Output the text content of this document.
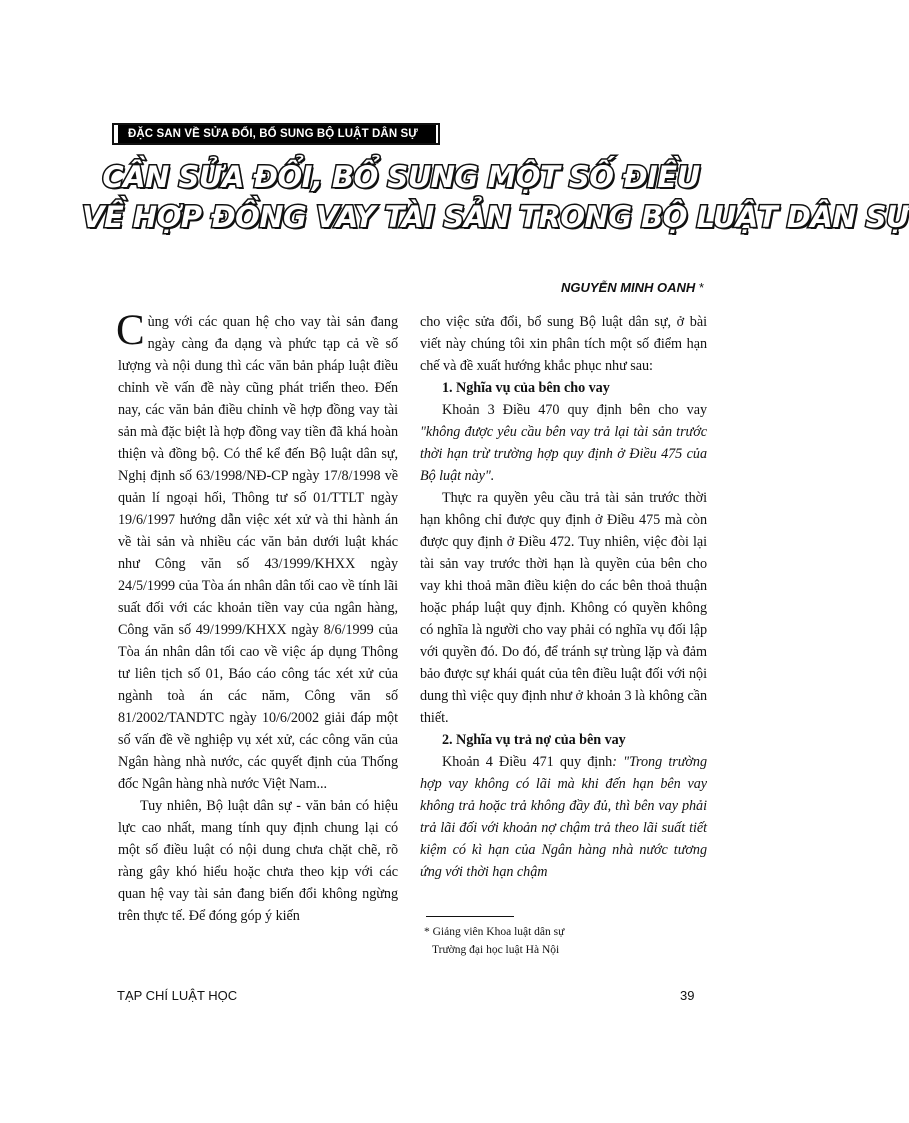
ĐẶC SAN VỀ SỬA ĐỔI, BỔ SUNG BỘ LUẬT DÂN SỰ
CẦN SỬA ĐỔI, BỔ SUNG MỘT SỐ ĐIỀU
VỀ HỢP ĐỒNG VAY TÀI SẢN TRONG BỘ LUẬT DÂN SỰ
NGUYỄN MINH OANH *

Cùng với các quan hệ cho vay tài sản đang ngày càng đa dạng và phức tạp cả về số lượng và nội dung thì các văn bản pháp luật điều chỉnh về vấn đề này cũng phát triển theo. Đến nay, các văn bản điều chỉnh về hợp đồng vay tài sản mà đặc biệt là hợp đồng vay tiền đã khá hoàn thiện và đồng bộ. Có thể kể đến Bộ luật dân sự, Nghị định số 63/1998/NĐ-CP ngày 17/8/1998 về quản lí ngoại hối, Thông tư số 01/TTLT ngày 19/6/1997 hướng dẫn việc xét xử và thi hành án về tài sản và nhiều các văn bản dưới luật khác như Công văn số 43/1999/KHXX ngày 24/5/1999 của Tòa án nhân dân tối cao về tính lãi suất đối với các khoản tiền vay của ngân hàng, Công văn số 49/1999/KHXX ngày 8/6/1999 của Tòa án nhân dân tối cao về việc áp dụng Thông tư liên tịch số 01, Báo cáo công tác xét xử của ngành toà án các năm, Công văn số 81/2002/TANDTC ngày 10/6/2002 giải đáp một số vấn đề về nghiệp vụ xét xử, các công văn của Ngân hàng nhà nước, các quyết định của Thống đốc Ngân hàng nhà nước Việt Nam...

Tuy nhiên, Bộ luật dân sự - văn bản có hiệu lực cao nhất, mang tính quy định chung lại có một số điều luật có nội dung chưa chặt chẽ, rõ ràng gây khó hiểu hoặc chưa theo kịp với các quan hệ vay tài sản đang biến đổi không ngừng trên thực tế. Để đóng góp ý kiến

cho việc sửa đổi, bổ sung Bộ luật dân sự, ở bài viết này chúng tôi xin phân tích một số điểm hạn chế và đề xuất hướng khắc phục như sau:

1. Nghĩa vụ của bên cho vay

Khoản 3 Điều 470 quy định bên cho vay "không được yêu cầu bên vay trả lại tài sản trước thời hạn trừ trường hợp quy định ở Điều 475 của Bộ luật này".

Thực ra quyền yêu cầu trả tài sản trước thời hạn không chỉ được quy định ở Điều 475 mà còn được quy định ở Điều 472. Tuy nhiên, việc đòi lại tài sản vay trước thời hạn là quyền của bên cho vay khi thoả mãn điều kiện do các bên thoả thuận hoặc pháp luật quy định. Không có quyền không có nghĩa là người cho vay phải có nghĩa vụ đối lập với quyền đó. Do đó, để tránh sự trùng lặp và đảm bảo được sự khái quát của tên điều luật đối với nội dung thì việc quy định như ở khoản 3 là không cần thiết.

2. Nghĩa vụ trả nợ của bên vay

Khoản 4 Điều 471 quy định: "Trong trường hợp vay không có lãi mà khi đến hạn bên vay không trả hoặc trả không đầy đủ, thì bên vay phải trả lãi đối với khoản nợ chậm trả theo lãi suất tiết kiệm có kì hạn của Ngân hàng nhà nước tương ứng với thời hạn chậm

* Giảng viên Khoa luật dân sự
Trường đại học luật Hà Nội
TẠP CHÍ LUẬT HỌC	39
